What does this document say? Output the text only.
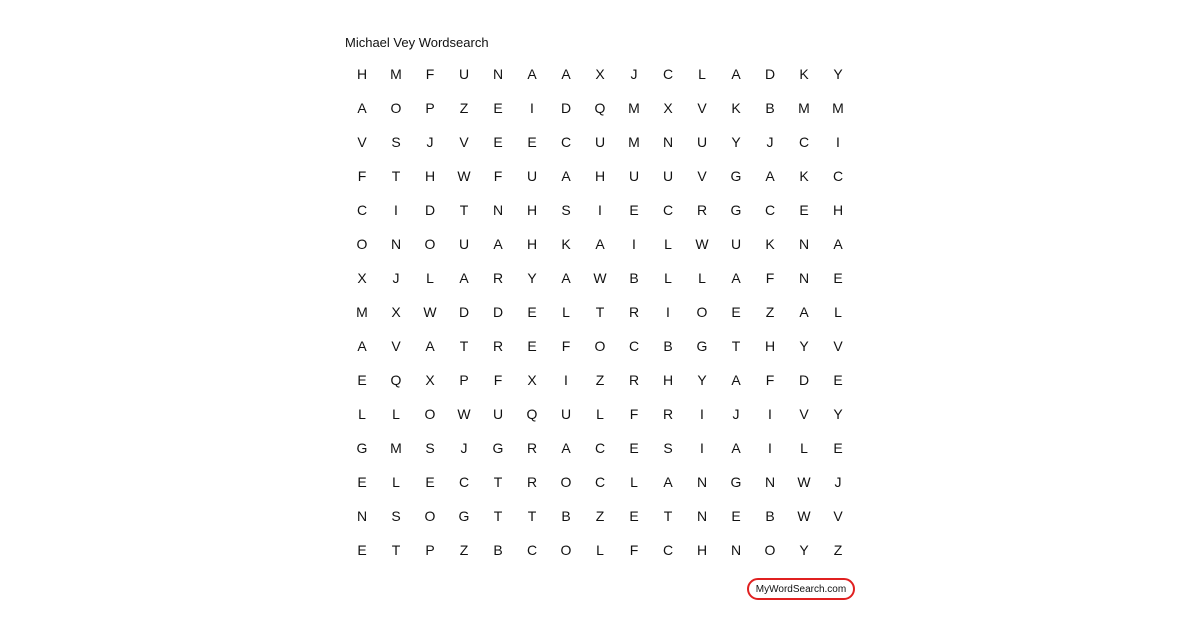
Michael Vey Wordsearch
H	M	F	U	N	A	A	X	J	C	L	A	D	K	Y
A	O	P	Z	E	I	D	Q	M	X	V	K	B	M	M
V	S	J	V	E	E	C	U	M	N	U	Y	J	C	I
F	T	H	W	F	U	A	H	U	U	V	G	A	K	C
C	I	D	T	N	H	S	I	E	C	R	G	C	E	H
O	N	O	U	A	H	K	A	I	L	W	U	K	N	A
X	J	L	A	R	Y	A	W	B	L	L	A	F	N	E
M	X	W	D	D	E	L	T	R	I	O	E	Z	A	L
A	V	A	T	R	E	F	O	C	B	G	T	H	Y	V
E	Q	X	P	F	X	I	Z	R	H	Y	A	F	D	E
L	L	O	W	U	Q	U	L	F	R	I	J	I	V	Y
G	M	S	J	G	R	A	C	E	S	I	A	I	L	E
E	L	E	C	T	R	O	C	L	A	N	G	N	W	J
N	S	O	G	T	T	B	Z	E	T	N	E	B	W	V
E	T	P	Z	B	C	O	L	F	C	H	N	O	Y	Z
MyWordSearch.com
